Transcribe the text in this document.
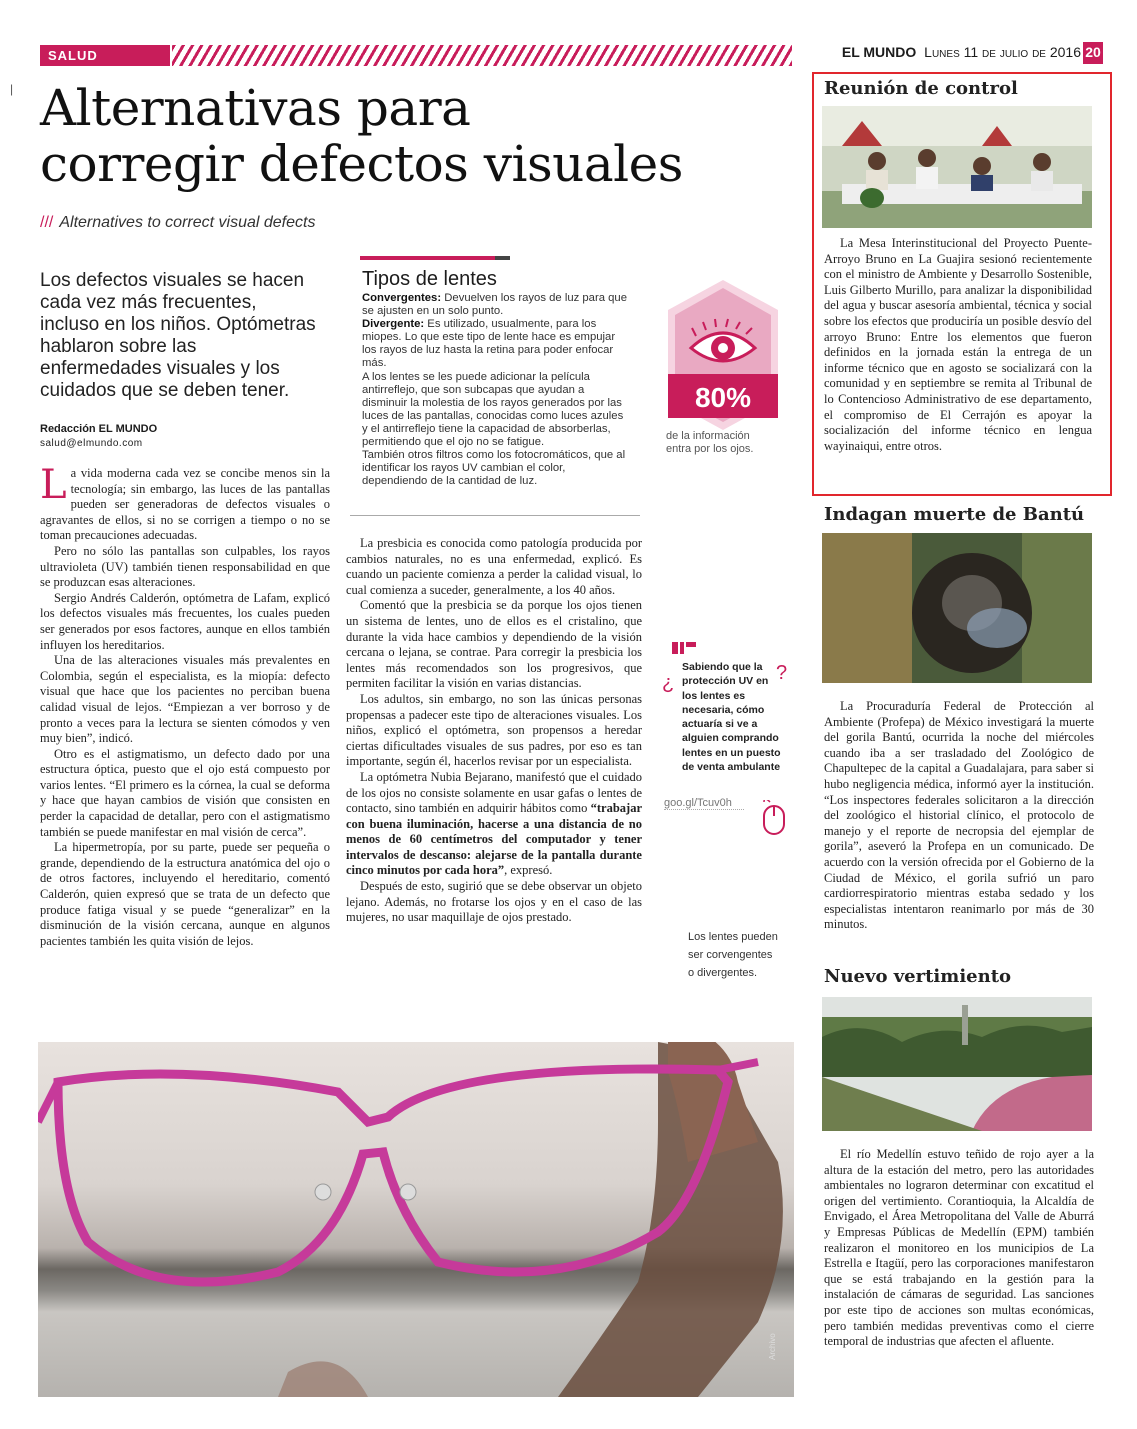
|
SALUD	EL MUNDO Lunes 11 de julio de 2016 20
Alternativas para
corregir defectos visuales
/// Alternatives to correct visual defects
Los defectos visuales se hacen cada vez más frecuentes, incluso en los niños. Optómetras hablaron sobre las enfermedades visuales y los cuidados que se deben tener.
Redacción EL MUNDO
salud@elmundo.com

La vida moderna cada vez se concibe menos sin la tecnología; sin embargo, las luces de las pantallas pueden ser generadoras de defectos visuales o agravantes de ellos, si no se corrigen a tiempo o no se toman precauciones adecuadas.

Pero no sólo las pantallas son culpables, los rayos ultravioleta (UV) también tienen responsabilidad en que se produzcan esas alteraciones.

Sergio Andrés Calderón, optómetra de Lafam, explicó los defectos visuales más frecuentes, los cuales pueden ser generados por esos factores, aunque en ellos también influyen los hereditarios.

Una de las alteraciones visuales más prevalentes en Colombia, según el especialista, es la miopía: defecto visual que hace que los pacientes no perciban buena calidad visual de lejos. “Empiezan a ver borroso y de pronto a veces para la lectura se sienten cómodos y ven muy bien”, indicó.

Otro es el astigmatismo, un defecto dado por una estructura óptica, puesto que el ojo está compuesto por varios lentes. “El primero es la córnea, la cual se deforma y hace que hayan cambios de visión que consisten en perder la capacidad de detallar, pero con el astigmatismo también se puede manifestar en mal visión de cerca”.

La hipermetropía, por su parte, puede ser pequeña o grande, dependiendo de la estructura anatómica del ojo o de otros factores, incluyendo el hereditario, comentó Calderón, quien expresó que se trata de un defecto que produce fatiga visual y se puede “generalizar” en la disminución de la visión cercana, aunque en algunos pacientes también les quita visión de lejos.

Tipos de lentes
Convergentes: Devuelven los rayos de luz para que se ajusten en un solo punto.
Divergente: Es utilizado, usualmente, para los miopes. Lo que este tipo de lente hace es empujar los rayos de luz hasta la retina para poder enfocar más.
A los lentes se les puede adicionar la película antirreflejo, que son subcapas que ayudan a disminuir la molestia de los rayos generados por las luces de las pantallas, conocidas como luces azules y el antirreflejo tiene la capacidad de absorberlas, permitiendo que el ojo no se fatigue.
También otros filtros como los fotocromáticos, que al identificar los rayos UV cambian el color, dependiendo de la cantidad de luz.

La presbicia es conocida como patología producida por cambios naturales, no es una enfermedad, explicó. Es cuando un paciente comienza a perder la calidad visual, lo cual comienza a suceder, generalmente, a los 40 años.

Comentó que la presbicia se da porque los ojos tienen un sistema de lentes, uno de ellos es el cristalino, que durante la vida hace cambios y dependiendo de la visión cercana o lejana, se contrae. Para corregir la presbicia los lentes más recomendados son los progresivos, que permiten facilitar la visión en varias distancias.

Los adultos, sin embargo, no son las únicas personas propensas a padecer este tipo de alteraciones visuales. Los niños, explicó el optómetra, son propensos a heredar ciertas dificultades visuales de sus padres, por eso es tan importante, según él, hacerlos revisar por un especialista.

La optómetra Nubia Bejarano, manifestó que el cuidado de los ojos no consiste solamente en usar gafas o lentes de contacto, sino también en adquirir hábitos como “trabajar con buena iluminación, hacerse a una distancia de no menos de 60 centímetros del computador y tener intervalos de descanso: alejarse de la pantalla durante cinco minutos por cada hora”, expresó.

Después de esto, sugirió que se debe observar un objeto lejano. Además, no frotarse los ojos y en el caso de las mujeres, no usar maquillaje de ojos prestado.

80%
de la información entra por los ojos.
¿	?
Sabiendo que la protección UV en los lentes es necesaria, cómo actuaría si ve a alguien comprando lentes en un puesto de venta ambulante
goo.gl/Tcuv0h
Los lentes pueden ser corvengentes o divergentes.
Archivo
Reunión de control

La Mesa Interinstitucional del Proyecto Puente-Arroyo Bruno en La Guajira sesionó recientemente con el ministro de Ambiente y Desarrollo Sostenible, Luis Gilberto Murillo, para analizar la disponibilidad del agua y buscar asesoría ambiental, técnica y social sobre los efectos que produciría un posible desvío del arroyo Bruno: Entre los elementos que fueron definidos en la jornada están la entrega de un informe técnico que en agosto se socializará con la comunidad y en septiembre se remita al Tribunal de lo Contencioso Administrativo de ese departamento, el compromiso de El Cerrajón es apoyar la socialización del informe técnico en lengua wayinaiqui, entre otros.

Indagan muerte de Bantú

La Procuraduría Federal de Protección al Ambiente (Profepa) de México investigará la muerte del gorila Bantú, ocurrida la noche del miércoles cuando iba a ser trasladado del Zoológico de Chapultepec de la capital a Guadalajara, para saber si hubo negligencia médica, informó ayer la institución. “Los inspectores federales solicitaron a la dirección del zoológico el historial clínico, el protocolo de manejo y el reporte de necropsia del ejemplar de gorila”, aseveró la Profepa en un comunicado. De acuerdo con la versión ofrecida por el Gobierno de la Ciudad de México, el gorila sufrió un paro cardiorrespiratorio mientras estaba sedado y los especialistas intentaron reanimarlo por más de 30 minutos.

Nuevo vertimiento

El río Medellín estuvo teñido de rojo ayer a la altura de la estación del metro, pero las autoridades ambientales no lograron determinar con excatitud el origen del vertimiento. Corantioquia, la Alcaldía de Envigado, el Área Metropolitana del Valle de Aburrá y Empresas Públicas de Medellín (EPM) también realizaron el monitoreo en los municipios de La Estrella e Itagüí, pero las corporaciones manifestaron que se está trabajando en la gestión para la instalación de cámaras de seguridad. Las sanciones por este tipo de acciones son multas económicas, pero también medidas preventivas como el cierre temporal de industrias que afecten el afluente.
